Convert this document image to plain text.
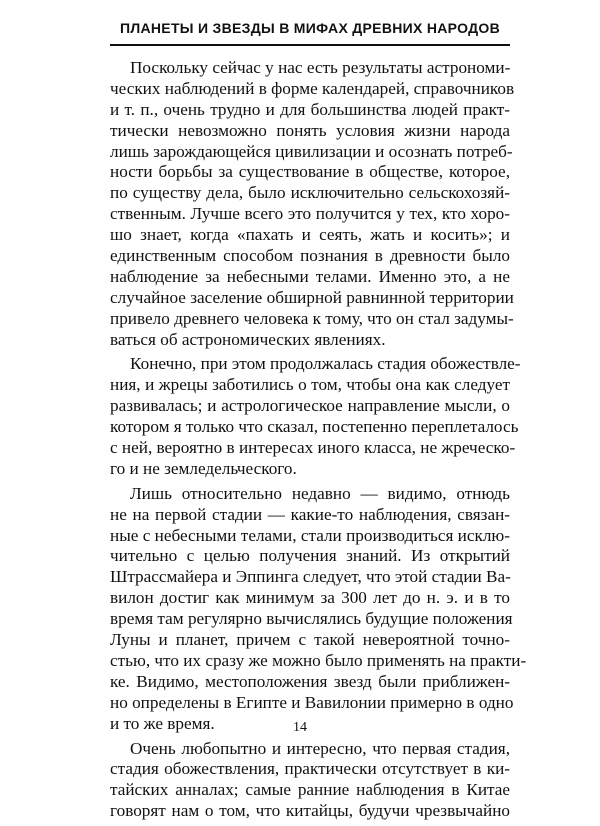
ПЛАНЕТЫ И ЗВЕЗДЫ В МИФАХ ДРЕВНИХ НАРОДОВ

Поскольку сейчас у нас есть результаты астрономи-
ческих наблюдений в форме календарей, справочников
и т. п., очень трудно и для большинства людей практ-
тически невозможно понять условия жизни народа
лишь зарождающейся цивилизации и осознать потреб-
ности борьбы за существование в обществе, которое,
по существу дела, было исключительно сельскохозяй-
ственным. Лучше всего это получится у тех, кто хоро-
шо знает, когда «пахать и сеять, жать и косить»; и
единственным способом познания в древности было
наблюдение за небесными телами. Именно это, а не
случайное заселение обширной равнинной территории
привело древнего человека к тому, что он стал задумы-
ваться об астрономических явлениях.

Конечно, при этом продолжалась стадия обожествле-
ния, и жрецы заботились о том, чтобы она как следует
развивалась; и астрологическое направление мысли, о
котором я только что сказал, постепенно переплеталось
с ней, вероятно в интересах иного класса, не жреческо-
го и не земледельческого.

Лишь относительно недавно — видимо, отнюдь
не на первой стадии — какие-то наблюдения, связан-
ные с небесными телами, стали производиться исклю-
чительно с целью получения знаний. Из открытий
Штрассмайера и Эппинга следует, что этой стадии Ва-
вилон достиг как минимум за 300 лет до н. э. и в то
время там регулярно вычислялись будущие положения
Луны и планет, причем с такой невероятной точно-
стью, что их сразу же можно было применять на практи-
ке. Видимо, местоположения звезд были приближен-
но определены в Египте и Вавилонии примерно в одно
и то же время.

Очень любопытно и интересно, что первая стадия,
стадия обожествления, практически отсутствует в ки-
тайских анналах; самые ранние наблюдения в Китае
говорят нам о том, что китайцы, будучи чрезвычайно

14
